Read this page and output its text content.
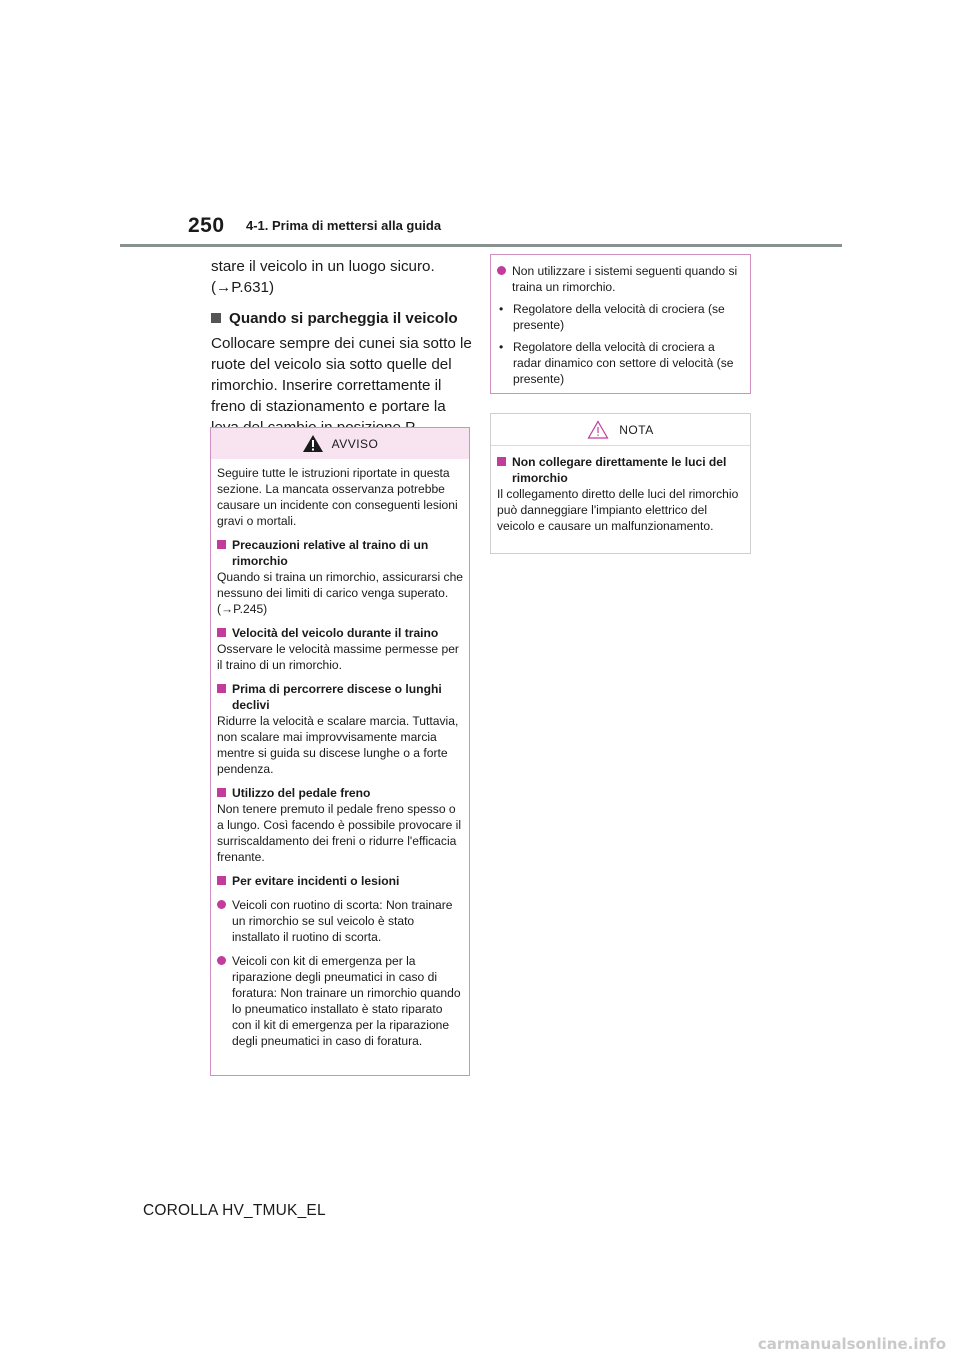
250 4-1. Prima di mettersi alla guida

stare il veicolo in un luogo sicuro.

(→P.631)

Quando si parcheggia il veicolo

Collocare sempre dei cunei sia sotto le ruote del veicolo sia sotto quelle del rimorchio. Inserire correttamente il freno di stazionamento e portare la

AVVISO

Seguire tutte le istruzioni riportate in questa sezione. La mancata osservanza potrebbe causare un incidente con conseguenti lesioni gravi o mortali.

Precauzioni relative al traino di un rimorchio

Quando si traina un rimorchio, assicurarsi che nessuno dei limiti di carico venga superato. (→P.245)

Velocità del veicolo durante il traino

Osservare le velocità massime permesse per il traino di un rimorchio.

Prima di percorrere discese o lunghi declivi

Ridurre la velocità e scalare marcia. Tuttavia, non scalare mai improvvisamente marcia mentre si guida su discese lunghe o a forte pendenza.

Utilizzo del pedale freno

Non tenere premuto il pedale freno spesso o a lungo. Così facendo è possibile provocare il surriscaldamento dei freni o ridurre l'efficacia frenante.

Per evitare incidenti o lesioni
Veicoli con ruotino di scorta: Non trainare un rimorchio se sul veicolo è stato installato il ruotino di scorta.
Veicoli con kit di emergenza per la riparazione degli pneumatici in caso di foratura: Non trainare un rimorchio quando lo pneumatico installato è stato riparato con il kit di emergenza per la riparazione degli pneumatici in caso di foratura.
Non utilizzare i sistemi seguenti quando si traina un rimorchio.
• Regolatore della velocità di crociera (se presente)
• Regolatore della velocità di crociera a radar dinamico con settore di velocità (se presente)
NOTA
Non collegare direttamente le luci del rimorchio

Il collegamento diretto delle luci del rimorchio può danneggiare l'impianto elettrico del veicolo e causare un malfunzionamento.

COROLLA HV_TMUK_EL
carmanualsonline.info
